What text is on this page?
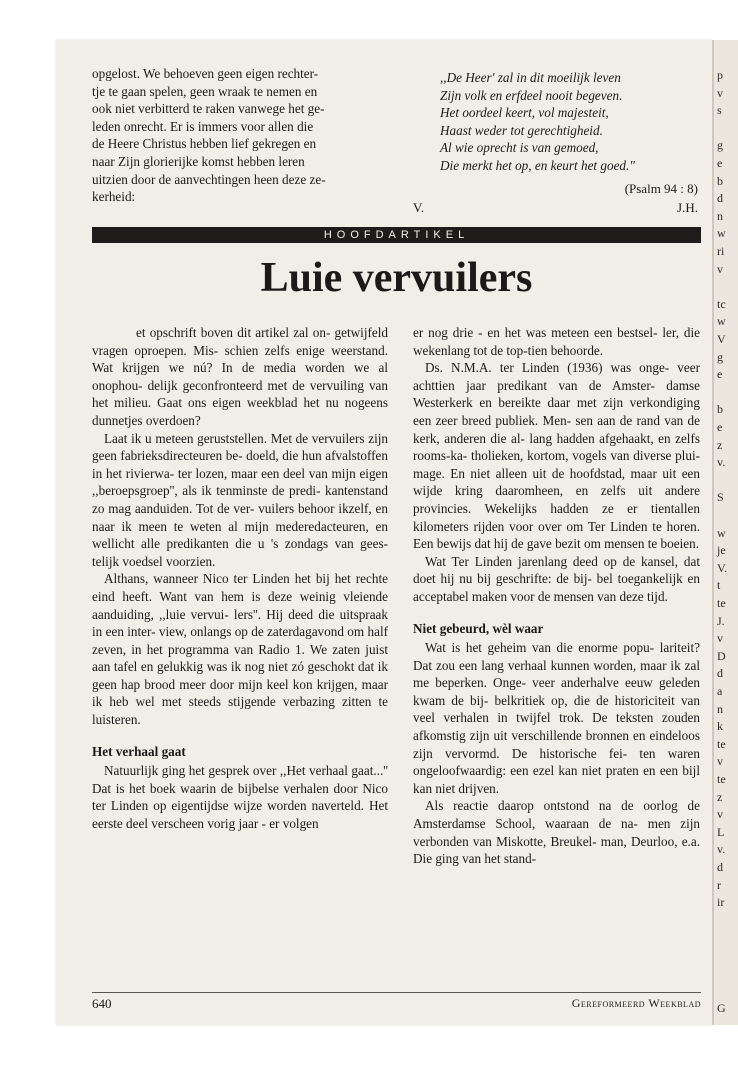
p
v
s
g
e
b
d
n
w
ri
v
tc
w
V
g
e
b
e
z
v.
S
w
je
V.
t
te
J.
v
D
d
a
n
k
te
v
te
z
v
L
v.
d
r
ir
G

opgelost. We behoeven geen eigen rechter-

tje te gaan spelen, geen wraak te nemen en

ook niet verbitterd te raken vanwege het ge-

leden onrecht. Er is immers voor allen die

de Heere Christus hebben lief gekregen en

naar Zijn glorierijke komst hebben leren

uitzien door de aanvechtingen heen deze ze-

kerheid:

,,De Heer' zal in dit moeilijk leven
Zijn volk en erfdeel nooit begeven.
Het oordeel keert, vol majesteit,
Haast weder tot gerechtigheid.
Al wie oprecht is van gemoed,
Die merkt het op, en keurt het goed."
(Psalm 94 : 8)
V.	J.H.
HOOFDARTIKEL
Luie vervuilers

et opschrift boven dit artikel zal on- getwijfeld vragen oproepen. Mis- schien zelfs enige weerstand. Wat krijgen we nú? In de media worden we al onophou- delijk geconfronteerd met de vervuiling van het milieu. Gaat ons eigen weekblad het nu nogeens dunnetjes overdoen?

Laat ik u meteen geruststellen. Met de vervuilers zijn geen fabrieksdirecteuren be- doeld, die hun afvalstoffen in het rivierwa- ter lozen, maar een deel van mijn eigen ,,beroepsgroep'', als ik tenminste de predi- kantenstand zo mag aanduiden. Tot de ver- vuilers behoor ikzelf, en naar ik meen te weten al mijn mederedacteuren, en wellicht alle predikanten die u 's zondags van gees- telijk voedsel voorzien.

Althans, wanneer Nico ter Linden het bij het rechte eind heeft. Want van hem is deze weinig vleiende aanduiding, ,,luie vervui- lers''. Hij deed die uitspraak in een inter- view, onlangs op de zaterdagavond om half zeven, in het programma van Radio 1. We zaten juist aan tafel en gelukkig was ik nog niet zó geschokt dat ik geen hap brood meer door mijn keel kon krijgen, maar ik heb wel met steeds stijgende verbazing zitten te luisteren.

Het verhaal gaat

Natuurlijk ging het gesprek over ,,Het verhaal gaat...'' Dat is het boek waarin de bijbelse verhalen door Nico ter Linden op eigentijdse wijze worden naverteld. Het eerste deel verscheen vorig jaar - er volgen

er nog drie - en het was meteen een bestsel- ler, die wekenlang tot de top-tien behoorde.

Ds. N.M.A. ter Linden (1936) was onge- veer achttien jaar predikant van de Amster- damse Westerkerk en bereikte daar met zijn verkondiging een zeer breed publiek. Men- sen aan de rand van de kerk, anderen die al- lang hadden afgehaakt, en zelfs rooms-ka- tholieken, kortom, vogels van diverse plui- mage. En niet alleen uit de hoofdstad, maar uit een wijde kring daaromheen, en zelfs uit andere provincies. Wekelijks hadden ze er tientallen kilometers rijden voor over om Ter Linden te horen. Een bewijs dat hij de gave bezit om mensen te boeien.

Wat Ter Linden jarenlang deed op de kansel, dat doet hij nu bij geschrifte: de bij- bel toegankelijk en acceptabel maken voor de mensen van deze tijd.

Niet gebeurd, wèl waar

Wat is het geheim van die enorme popu- lariteit? Dat zou een lang verhaal kunnen worden, maar ik zal me beperken. Onge- veer anderhalve eeuw geleden kwam de bij- belkritiek op, die de historiciteit van veel verhalen in twijfel trok. De teksten zouden afkomstig zijn uit verschillende bronnen en eindeloos zijn vervormd. De historische fei- ten waren ongeloofwaardig: een ezel kan niet praten en een bijl kan niet drijven.

Als reactie daarop ontstond na de oorlog de Amsterdamse School, waaraan de na- men zijn verbonden van Miskotte, Breukel- man, Deurloo, e.a. Die ging van het stand-

640	Gereformeerd Weekblad
